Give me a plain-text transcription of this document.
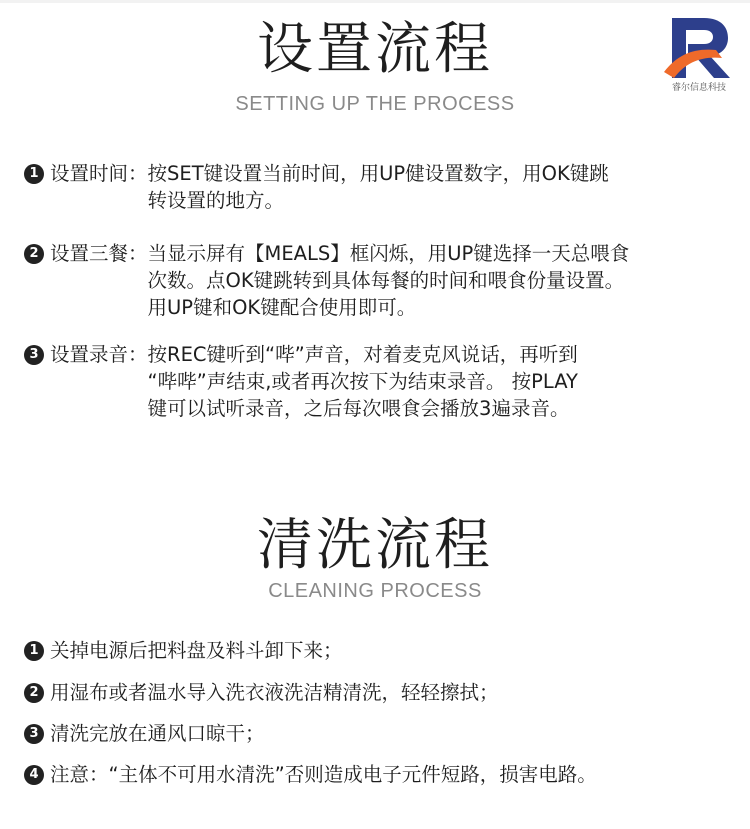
睿尔信息科技
设置流程
SETTING UP THE PROCESS
1 设置时间 ： 按SET键设置当前时间，用UP健设置数字，用OK键跳
转设置的地方。
2 设置三餐 ： 当显示屏有【MEALS】框闪烁，用UP键选择一天总喂食
次数。点OK键跳转到具体每餐的时间和喂食份量设置。
用UP键和OK键配合使用即可。
3 设置录音 ： 按REC键听到“哔”声音，对着麦克风说话，再听到
“哔哔”声结束,或者再次按下为结束录音。 按PLAY
键可以试听录音，之后每次喂食会播放3遍录音。
清洗流程
CLEANING PROCESS
1 关掉电源后把料盘及料斗卸下来；
2 用湿布或者温水导入洗衣液洗洁精清洗，轻轻擦拭；
3 清洗完放在通风口晾干；
4 注意：“主体不可用水清洗”否则造成电子元件短路，损害电路。
